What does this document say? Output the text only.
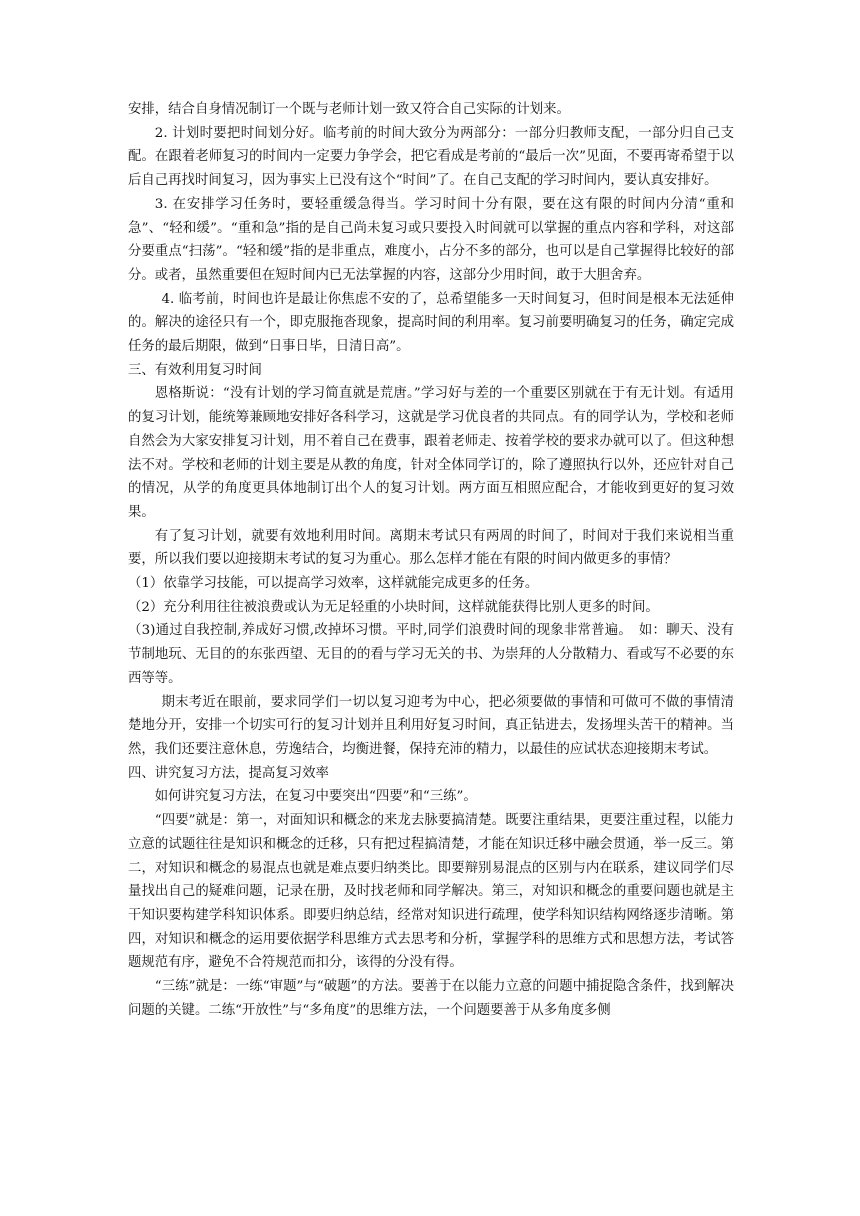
安排，结合自身情况制订一个既与老师计划一致又符合自己实际的计划来。

2. 计划时要把时间划分好。临考前的时间大致分为两部分：一部分归教师支配，一部分归自己支配。在跟着老师复习的时间内一定要力争学会，把它看成是考前的“最后一次”见面，不要再寄希望于以后自己再找时间复习，因为事实上已没有这个“时间”了。在自己支配的学习时间内，要认真安排好。

3. 在安排学习任务时，要轻重缓急得当。学习时间十分有限，要在这有限的时间内分清“重和急”、“轻和缓”。“重和急”指的是自己尚未复习或只要投入时间就可以掌握的重点内容和学科，对这部分要重点“扫荡”。“轻和缓”指的是非重点，难度小，占分不多的部分，也可以是自己掌握得比较好的部分。或者，虽然重要但在短时间内已无法掌握的内容，这部分少用时间，敢于大胆舍弃。

4. 临考前，时间也许是最让你焦虑不安的了，总希望能多一天时间复习，但时间是根本无法延伸的。解决的途径只有一个，即克服拖沓现象，提高时间的利用率。复习前要明确复习的任务，确定完成任务的最后期限，做到“日事日毕，日清日高”。

三、有效利用复习时间

恩格斯说：“没有计划的学习简直就是荒唐。”学习好与差的一个重要区别就在于有无计划。有适用的复习计划，能统筹兼顾地安排好各科学习，这就是学习优良者的共同点。有的同学认为，学校和老师自然会为大家安排复习计划，用不着自己在费事，跟着老师走、按着学校的要求办就可以了。但这种想法不对。学校和老师的计划主要是从教的角度，针对全体同学订的，除了遵照执行以外，还应针对自己的情况，从学的角度更具体地制订出个人的复习计划。两方面互相照应配合，才能收到更好的复习效果。

有了复习计划，就要有效地利用时间。离期末考试只有两周的时间了，时间对于我们来说相当重要，所以我们要以迎接期末考试的复习为重心。那么怎样才能在有限的时间内做更多的事情？

（1）依靠学习技能，可以提高学习效率，这样就能完成更多的任务。

（2）充分利用往往被浪费或认为无足轻重的小块时间，这样就能获得比别人更多的时间。

（3)通过自我控制,养成好习惯,改掉坏习惯。平时,同学们浪费时间的现象非常普遍。　如：聊天、没有节制地玩、无目的的东张西望、无目的的看与学习无关的书、为崇拜的人分散精力、看或写不必要的东西等等。

期末考近在眼前，要求同学们一切以复习迎考为中心，把必须要做的事情和可做可不做的事情清楚地分开，安排一个切实可行的复习计划并且利用好复习时间，真正钻进去，发扬埋头苦干的精神。当然，我们还要注意休息，劳逸结合，均衡进餐，保持充沛的精力，以最佳的应试状态迎接期末考试。

四、讲究复习方法，提高复习效率

如何讲究复习方法，在复习中要突出“四要”和“三练”。

“四要”就是：第一，对面知识和概念的来龙去脉要搞清楚。既要注重结果，更要注重过程，以能力立意的试题往往是知识和概念的迁移，只有把过程搞清楚，才能在知识迁移中融会贯通，举一反三。第二，对知识和概念的易混点也就是难点要归纳类比。即要辩别易混点的区别与内在联系，建议同学们尽量找出自己的疑难问题，记录在册，及时找老师和同学解决。第三，对知识和概念的重要问题也就是主干知识要构建学科知识体系。即要归纳总结，经常对知识进行疏理，使学科知识结构网络逐步清晰。第四，对知识和概念的运用要依据学科思维方式去思考和分析，掌握学科的思维方式和思想方法，考试答题规范有序，避免不合符规范而扣分，该得的分没有得。

“三练”就是：一练“审题”与“破题”的方法。要善于在以能力立意的问题中捕捉隐含条件，找到解决问题的关键。二练“开放性”与“多角度”的思维方法，一个问题要善于从多角度多侧
